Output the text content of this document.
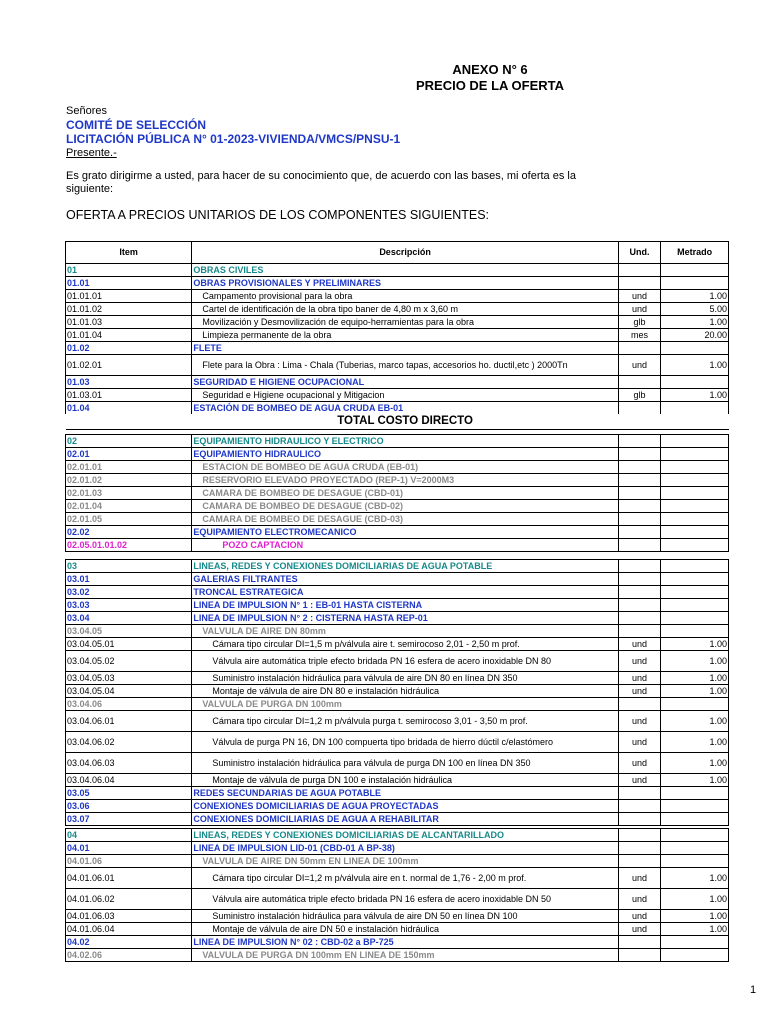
ANEXO N° 6
PRECIO DE LA OFERTA
Señores
COMITÉ DE SELECCIÓN
LICITACIÓN PÚBLICA N° 01-2023-VIVIENDA/VMCS/PNSU-1
Presente.-
Es grato dirigirme a usted, para hacer de su conocimiento que, de acuerdo con las bases, mi oferta es la siguiente:
OFERTA A PRECIOS UNITARIOS DE LOS COMPONENTES SIGUIENTES:
Item	Descripción	Und.	Metrado
01	OBRAS CIVILES		
01.01	OBRAS PROVISIONALES Y PRELIMINARES		
01.01.01	Campamento provisional para la obra	und	1.00
01.01.02	Cartel de identificación de la obra tipo baner de 4,80 m x 3,60 m	und	5.00
01.01.03	Movilización y Desmovilización de equipo-herramientas para la obra	glb	1.00
01.01.04	Limpieza permanente de la obra	mes	20.00
01.02	FLETE		
01.02.01	Flete para la Obra : Lima - Chala (Tuberias, marco tapas, accesorios ho. ductil,etc ) 2000Tn	und	1.00
01.03	SEGURIDAD E HIGIENE OCUPACIONAL		
01.03.01	Seguridad e Higiene ocupacional y Mitigacion	glb	1.00
01.04	ESTACIÓN DE BOMBEO DE AGUA CRUDA EB-01		
	TOTAL COSTO DIRECTO		
02	EQUIPAMIENTO HIDRAULICO Y ELECTRICO		
02.01	EQUIPAMIENTO HIDRAULICO		
02.01.01	ESTACION DE BOMBEO DE AGUA CRUDA (EB-01)		
02.01.02	RESERVORIO ELEVADO PROYECTADO (REP-1) V=2000M3		
02.01.03	CAMARA DE BOMBEO DE DESAGUE (CBD-01)		
02.01.04	CAMARA DE BOMBEO DE DESAGUE (CBD-02)		
02.01.05	CAMARA DE BOMBEO DE DESAGUE (CBD-03)		
02.02	EQUIPAMIENTO ELECTROMECANICO		
02.05.01.01.02	POZO CAPTACION		
03	LINEAS, REDES Y CONEXIONES DOMICILIARIAS DE AGUA POTABLE		
03.01	GALERIAS FILTRANTES		
03.02	TRONCAL ESTRATEGICA		
03.03	LINEA DE IMPULSION N° 1 : EB-01 HASTA CISTERNA		
03.04	LINEA DE IMPULSION N° 2 : CISTERNA HASTA REP-01		
03.04.05	VALVULA DE AIRE DN 80mm		
03.04.05.01	Cámara tipo circular DI=1,5 m p/válvula aire t. semirocoso 2,01 - 2,50 m prof.	und	1.00
03.04.05.02	Válvula aire automática triple efecto bridada PN 16 esfera de acero inoxidable DN 80	und	1.00
03.04.05.03	Suministro instalación hidráulica para válvula de aire DN 80 en línea DN 350	und	1.00
03.04.05.04	Montaje de válvula de aire DN 80 e instalación hidráulica	und	1.00
03.04.06	VALVULA DE PURGA DN 100mm		
03.04.06.01	Cámara tipo circular DI=1,2 m p/válvula purga t. semirocoso 3,01 - 3,50 m prof.	und	1.00
03.04.06.02	Válvula de purga PN 16, DN 100 compuerta tipo bridada de hierro dúctil c/elastómero	und	1.00
03.04.06.03	Suministro instalación hidráulica para válvula de purga DN 100 en línea DN 350	und	1.00
03.04.06.04	Montaje de válvula de purga DN 100 e instalación hidráulica	und	1.00
03.05	REDES SECUNDARIAS DE AGUA POTABLE		
03.06	CONEXIONES DOMICILIARIAS DE AGUA PROYECTADAS		
03.07	CONEXIONES DOMICILIARIAS DE AGUA A REHABILITAR		
04	LINEAS, REDES Y CONEXIONES DOMICILIARIAS DE ALCANTARILLADO		
04.01	LINEA DE IMPULSION LID-01 (CBD-01 A BP-38)		
04.01.06	VALVULA DE AIRE DN 50mm EN LINEA DE 100mm		
04.01.06.01	Cámara tipo circular DI=1,2 m p/válvula aire en t. normal de 1,76 - 2,00 m prof.	und	1.00
04.01.06.02	Válvula aire automática triple efecto bridada PN 16 esfera de acero inoxidable DN 50	und	1.00
04.01.06.03	Suministro instalación hidráulica para válvula de aire DN 50 en línea DN 100	und	1.00
04.01.06.04	Montaje de válvula de aire DN 50 e instalación hidráulica	und	1.00
04.02	LINEA DE IMPULSION N° 02 : CBD-02 a BP-725		
04.02.06	VALVULA DE PURGA DN 100mm EN LINEA DE 150mm		
1
